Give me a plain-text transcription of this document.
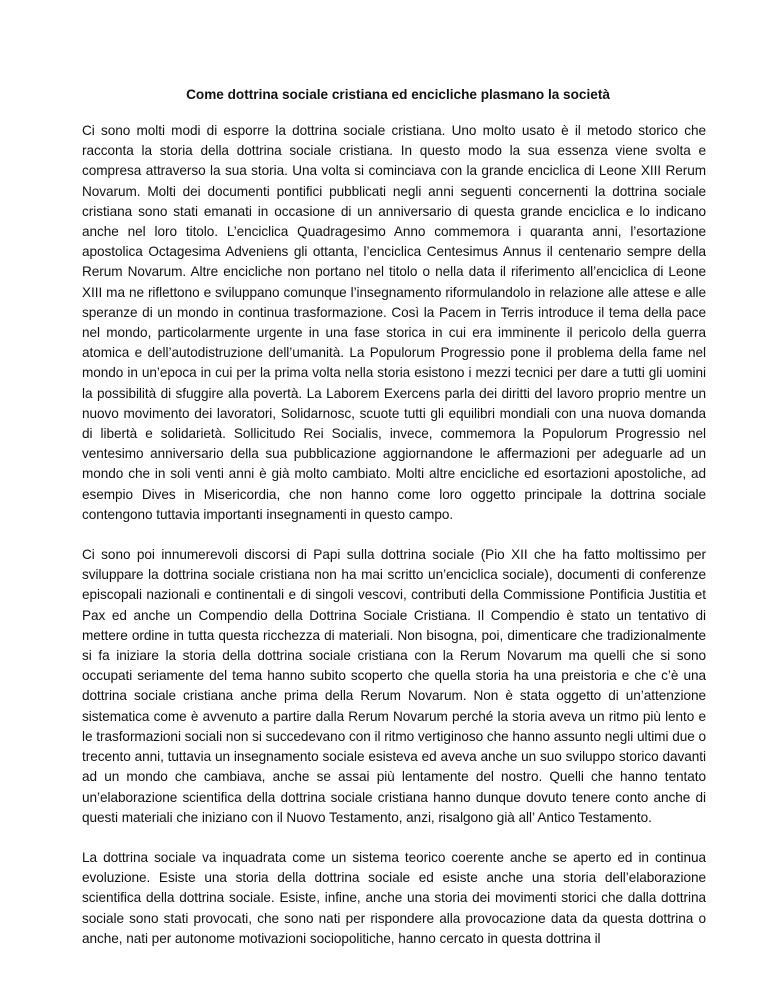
Come dottrina sociale cristiana ed encicliche plasmano la società

Ci sono molti modi di esporre la dottrina sociale cristiana. Uno molto usato è il metodo storico che racconta la storia della dottrina sociale cristiana. In questo modo la sua essenza viene svolta e compresa attraverso la sua storia. Una volta si cominciava con la grande enciclica di Leone XIII Rerum Novarum. Molti dei documenti pontifici pubblicati negli anni seguenti concernenti la dottrina sociale cristiana sono stati emanati in occasione di un anniversario di questa grande enciclica e lo indicano anche nel loro titolo. L’enciclica Quadragesimo Anno commemora i quaranta anni, l’esortazione apostolica Octagesima Adveniens gli ottanta, l’enciclica Centesimus Annus il centenario sempre della Rerum Novarum. Altre encicliche non portano nel titolo o nella data il riferimento all’enciclica di Leone XIII ma ne riflettono e sviluppano comunque l’insegnamento riformulandolo in relazione alle attese e alle speranze di un mondo in continua trasformazione. Così la Pacem in Terris introduce il tema della pace nel mondo, particolarmente urgente in una fase storica in cui era imminente il pericolo della guerra atomica e dell’autodistruzione dell’umanità. La Populorum Progressio pone il problema della fame nel mondo in un’epoca in cui per la prima volta nella storia esistono i mezzi tecnici per dare a tutti gli uomini la possibilità di sfuggire alla povertà. La Laborem Exercens parla dei diritti del lavoro proprio mentre un nuovo movimento dei lavoratori, Solidarnosc, scuote tutti gli equilibri mondiali con una nuova domanda di libertà e solidarietà. Sollicitudo Rei Socialis, invece, commemora la Populorum Progressio nel ventesimo anniversario della sua pubblicazione aggiornandone le affermazioni per adeguarle ad un mondo che in soli venti anni è già molto cambiato. Molti altre encicliche ed esortazioni apostoliche, ad esempio Dives in Misericordia, che non hanno come loro oggetto principale la dottrina sociale contengono tuttavia importanti insegnamenti in questo campo.

Ci sono poi innumerevoli discorsi di Papi sulla dottrina sociale (Pio XII che ha fatto moltissimo per sviluppare la dottrina sociale cristiana non ha mai scritto un’enciclica sociale), documenti di conferenze episcopali nazionali e continentali e di singoli vescovi, contributi della Commissione Pontificia Justitia et Pax ed anche un Compendio della Dottrina Sociale Cristiana. Il Compendio è stato un tentativo di mettere ordine in tutta questa ricchezza di materiali. Non bisogna, poi, dimenticare che tradizionalmente si fa iniziare la storia della dottrina sociale cristiana con la Rerum Novarum ma quelli che si sono occupati seriamente del tema hanno subito scoperto che quella storia ha una preistoria e che c’è una dottrina sociale cristiana anche prima della Rerum Novarum. Non è stata oggetto di un’attenzione sistematica come è avvenuto a partire dalla Rerum Novarum perché la storia aveva un ritmo più lento e le trasformazioni sociali non si succedevano con il ritmo vertiginoso che hanno assunto negli ultimi due o trecento anni, tuttavia un insegnamento sociale esisteva ed aveva anche un suo sviluppo storico davanti ad un mondo che cambiava, anche se assai più lentamente del nostro. Quelli che hanno tentato un’elaborazione scientifica della dottrina sociale cristiana hanno dunque dovuto tenere conto anche di questi materiali che iniziano con il Nuovo Testamento, anzi, risalgono già all’ Antico Testamento.

La dottrina sociale va inquadrata come un sistema teorico coerente anche se aperto ed in continua evoluzione. Esiste una storia della dottrina sociale ed esiste anche una storia dell’elaborazione scientifica della dottrina sociale. Esiste, infine, anche una storia dei movimenti storici che dalla dottrina sociale sono stati provocati, che sono nati per rispondere alla provocazione data da questa dottrina o anche, nati per autonome motivazioni sociopolitiche, hanno cercato in questa dottrina il
